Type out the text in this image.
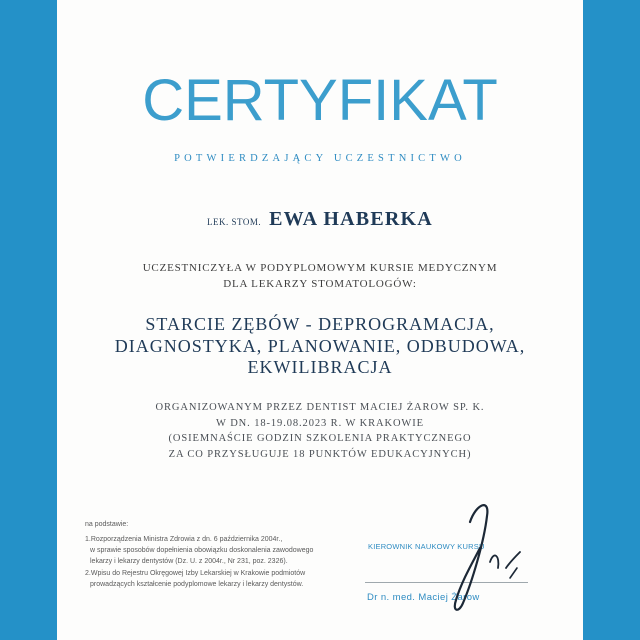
CERTYFIKAT
POTWIERDZAJĄCY UCZESTNICTWO
LEK. STOM. EWA HABERKA
UCZESTNICZYŁA W PODYPLOMOWYM KURSIE MEDYCZNYM
DLA LEKARZY STOMATOLOGÓW:
STARCIE ZĘBÓW - DEPROGRAMACJA,
DIAGNOSTYKA, PLANOWANIE, ODBUDOWA,
EKWILIBRACJA
ORGANIZOWANYM PRZEZ DENTIST MACIEJ ŻAROW SP. K.
W DN. 18-19.08.2023 R. W KRAKOWIE
(OSIEMNAŚCIE GODZIN SZKOLENIA PRAKTYCZNEGO
ZA CO PRZYSŁUGUJE 18 PUNKTÓW EDUKACYJNYCH)
na podstawie:
1.Rozporządzenia Ministra Zdrowia z dn. 6 października 2004r.,
w sprawie sposobów dopełnienia obowiązku doskonalenia zawodowego
lekarzy i lekarzy dentystów (Dz. U. z 2004r., Nr 231, poz. 2326).
2.Wpisu do Rejestru Okręgowej Izby Lekarskiej w Krakowie podmiotów
prowadzących kształcenie podyplomowe lekarzy i lekarzy dentystów.
KIEROWNIK NAUKOWY KURSU
Dr n. med. Maciej Żarow
